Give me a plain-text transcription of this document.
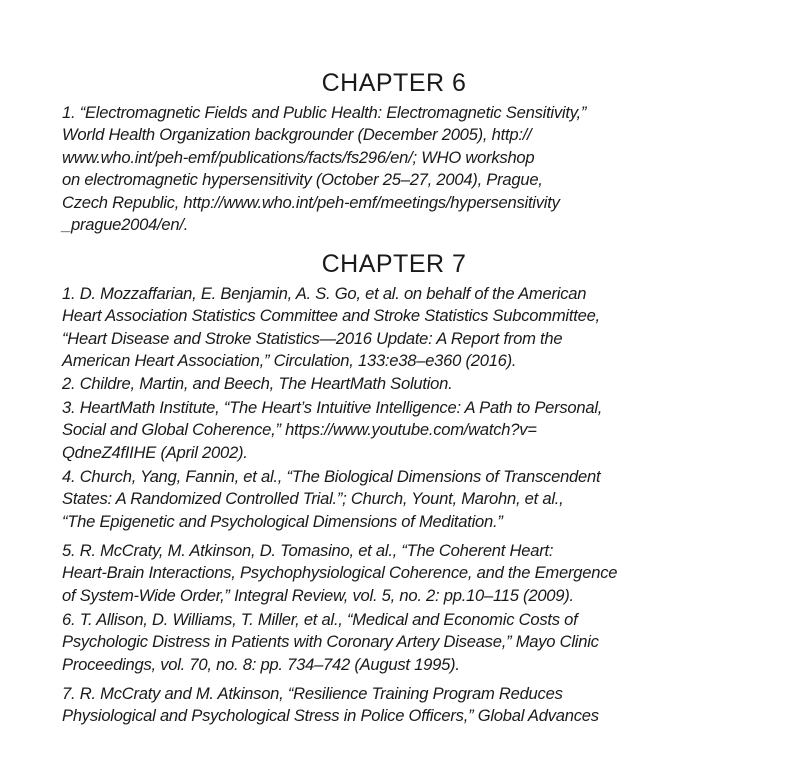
CHAPTER 6
1. “Electromagnetic Fields and Public Health: Electromagnetic Sensitivity,”
World Health Organization backgrounder (December 2005), http://
www.who.int/peh-emf/publications/facts/fs296/en/; WHO workshop
on electromagnetic hypersensitivity (October 25–27, 2004), Prague,
Czech Republic, http://www.who.int/peh-emf/meetings/hypersensitivity
_prague2004/en/.
CHAPTER 7
1. D. Mozzaffarian, E. Benjamin, A. S. Go, et al. on behalf of the American
Heart Association Statistics Committee and Stroke Statistics Subcommittee,
“Heart Disease and Stroke Statistics—2016 Update: A Report from the
American Heart Association,” Circulation, 133:e38–e360 (2016).
2. Childre, Martin, and Beech, The HeartMath Solution.
3. HeartMath Institute, “The Heart’s Intuitive Intelligence: A Path to Personal,
Social and Global Coherence,” https://www.youtube.com/watch?v=
QdneZ4fIIHE (April 2002).
4. Church, Yang, Fannin, et al., “The Biological Dimensions of Transcendent
States: A Randomized Controlled Trial.”; Church, Yount, Marohn, et al.,
“The Epigenetic and Psychological Dimensions of Meditation.”
5. R. McCraty, M. Atkinson, D. Tomasino, et al., “The Coherent Heart:
Heart-Brain Interactions, Psychophysiological Coherence, and the Emergence
of System-Wide Order,” Integral Review, vol. 5, no. 2: pp.10–115 (2009).
6. T. Allison, D. Williams, T. Miller, et al., “Medical and Economic Costs of
Psychologic Distress in Patients with Coronary Artery Disease,” Mayo Clinic
Proceedings, vol. 70, no. 8: pp. 734–742 (August 1995).
7. R. McCraty and M. Atkinson, “Resilience Training Program Reduces
Physiological and Psychological Stress in Police Officers,” Global Advances
